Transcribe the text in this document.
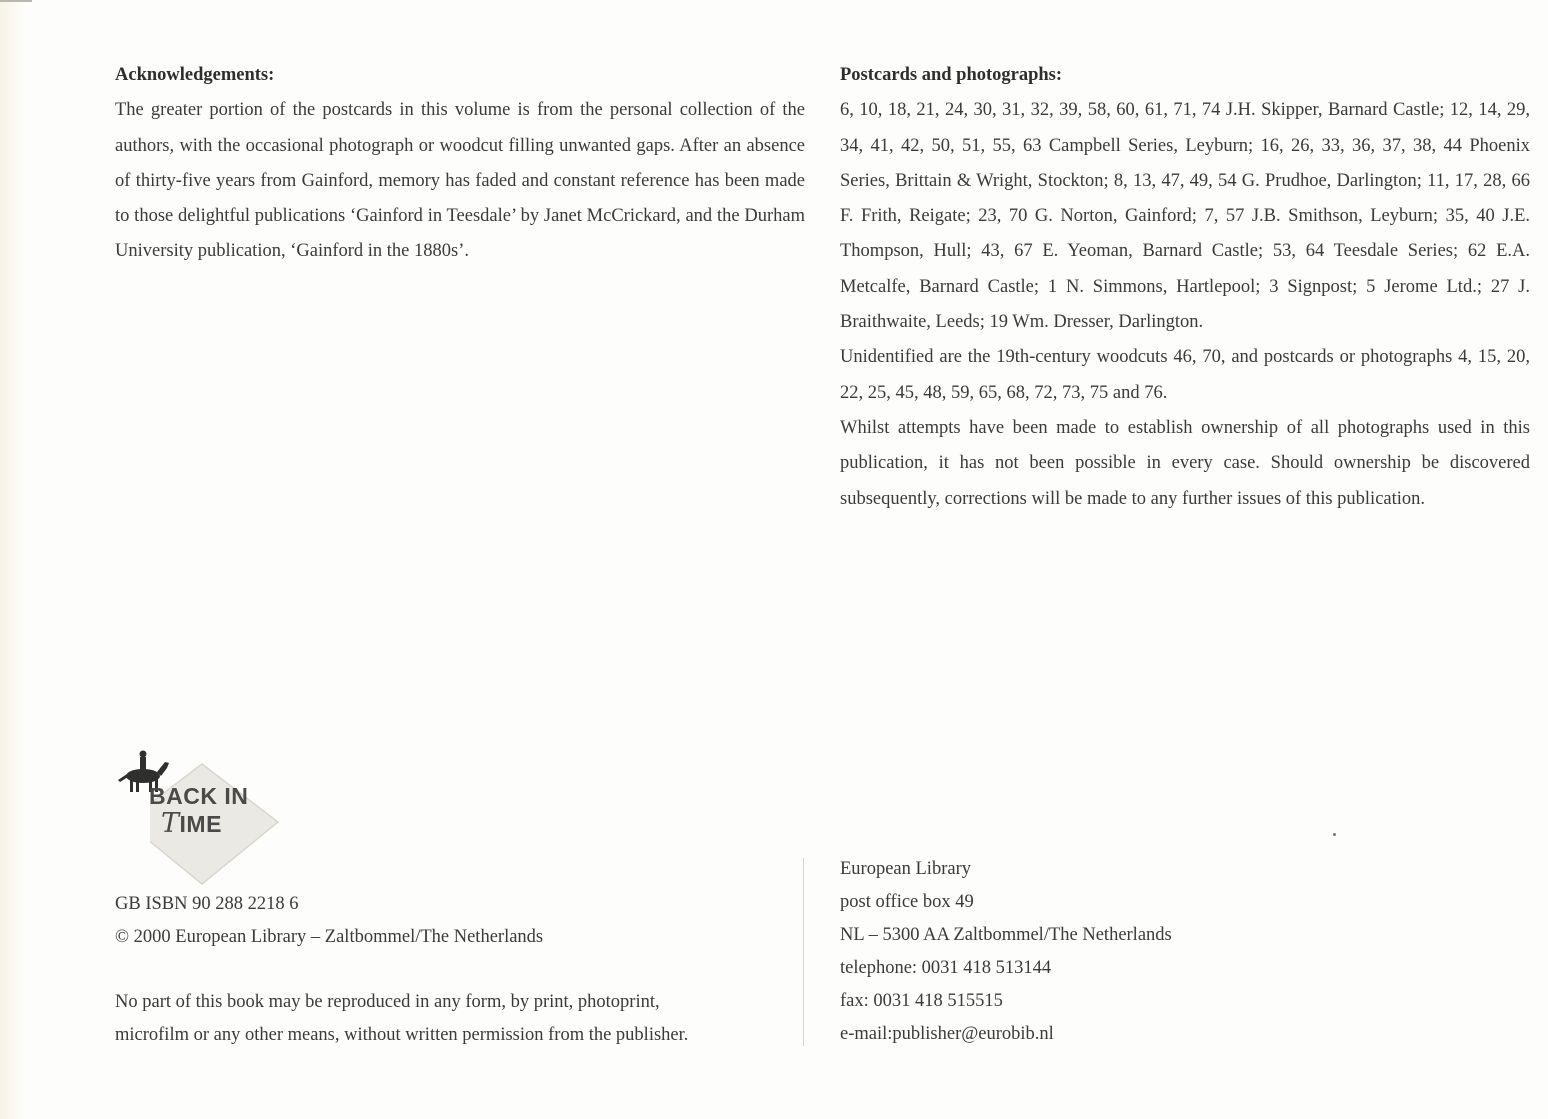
Acknowledgements:

The greater portion of the postcards in this volume is from the personal collection of the authors, with the occasional photograph or woodcut filling unwanted gaps. After an absence of thirty-five years from Gainford, memory has faded and constant reference has been made to those delightful publications ‘Gainford in Teesdale’ by Janet McCrickard, and the Durham University publication, ‘Gainford in the 1880s’.

Postcards and photographs:

6, 10, 18, 21, 24, 30, 31, 32, 39, 58, 60, 61, 71, 74 J.H. Skipper, Barnard Castle; 12, 14, 29, 34, 41, 42, 50, 51, 55, 63 Campbell Series, Leyburn; 16, 26, 33, 36, 37, 38, 44 Phoenix Series, Brittain & Wright, Stockton; 8, 13, 47, 49, 54 G. Prudhoe, Darlington; 11, 17, 28, 66 F. Frith, Reigate; 23, 70 G. Norton, Gainford; 7, 57 J.B. Smithson, Leyburn; 35, 40 J.E. Thompson, Hull; 43, 67 E. Yeoman, Barnard Castle; 53, 64 Teesdale Series; 62 E.A. Metcalfe, Barnard Castle; 1 N. Simmons, Hartlepool; 3 Signpost; 5 Jerome Ltd.; 27 J. Braithwaite, Leeds; 19 Wm. Dresser, Darlington.

Unidentified are the 19th-century woodcuts 46, 70, and postcards or photographs 4, 15, 20, 22, 25, 45, 48, 59, 65, 68, 72, 73, 75 and 76.

Whilst attempts have been made to establish ownership of all photographs used in this publication, it has not been possible in every case. Should ownership be discovered subsequently, corrections will be made to any further issues of this publication.

BACK IN
TIME
GB ISBN 90 288 2218 6
© 2000 European Library – Zaltbommel/The Netherlands
No part of this book may be reproduced in any form, by print, photoprint,
microfilm or any other means, without written permission from the publisher.
European Library
post office box 49
NL – 5300 AA Zaltbommel/The Netherlands
telephone: 0031 418 513144
fax: 0031 418 515515
e-mail:publisher@eurobib.nl
